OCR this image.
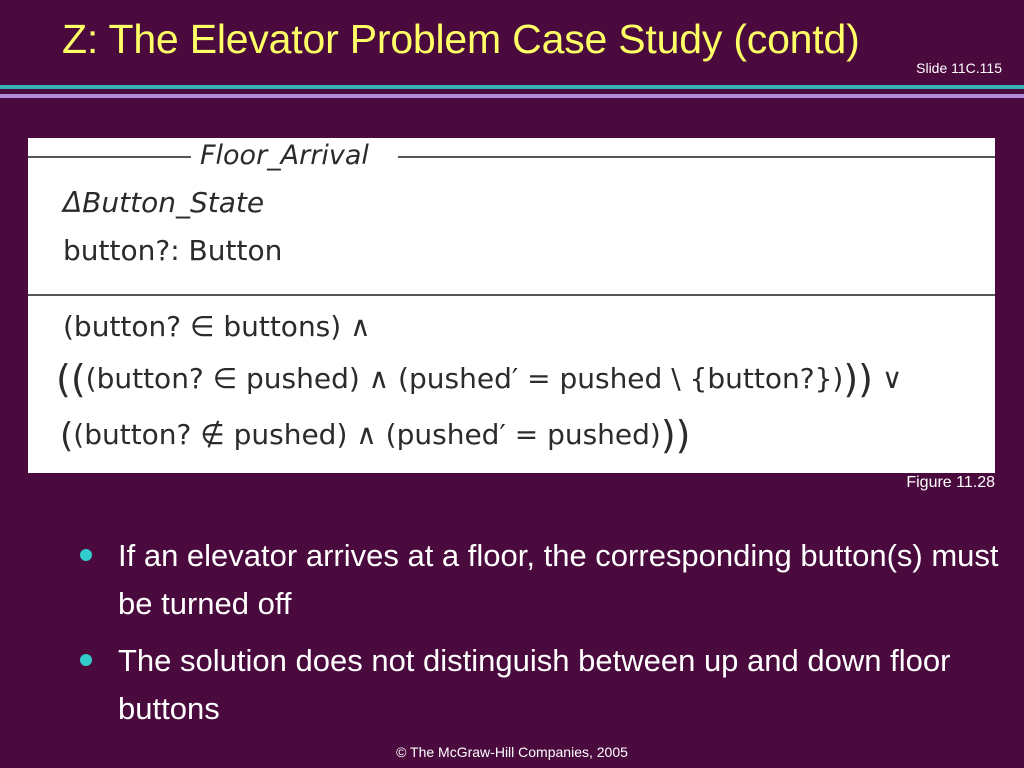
Z: The Elevator Problem Case Study (contd)
Slide 11C.115
Floor_Arrival
ΔButton_State
button?: Button
(button? ∈ buttons) ∧
(((button? ∈ pushed) ∧ (pushed′ = pushed \ {button?}))) ∨
((button? ∉ pushed) ∧ (pushed′ = pushed)))
Figure 11.28
If an elevator arrives at a floor, the corresponding button(s) must be turned off
The solution does not distinguish between up and down floor buttons
© The McGraw-Hill Companies, 2005
